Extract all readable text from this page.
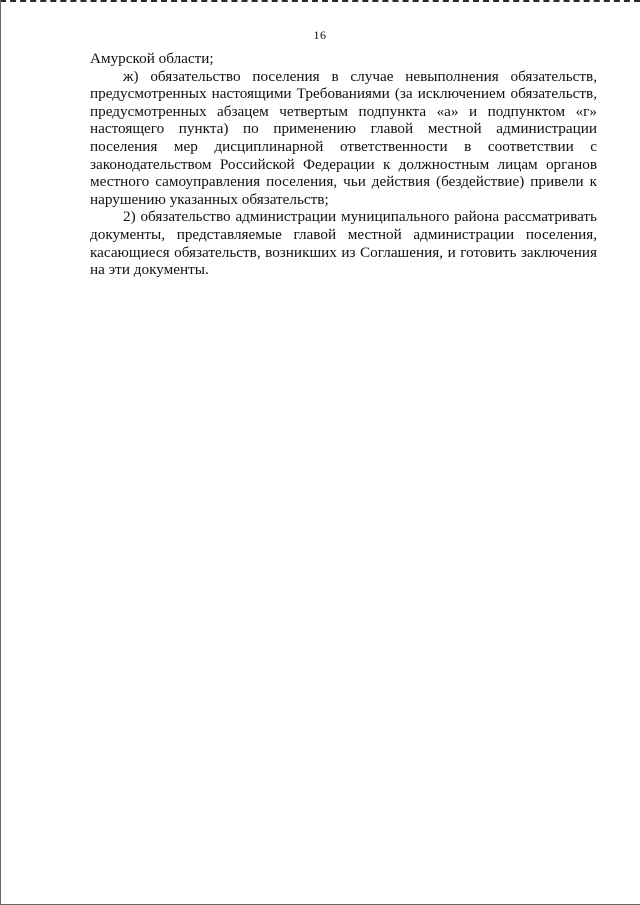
16

Амурской области;

ж) обязательство поселения в случае невыполнения обязательств, предусмотренных настоящими Требованиями (за исключением обязательств, предусмотренных абзацем четвертым подпункта «а» и подпунктом «г» настоящего пункта) по применению главой местной администрации поселения мер дисциплинарной ответственности в соответствии с законодательством Российской Федерации к должностным лицам органов местного самоуправления поселения, чьи действия (бездействие) привели к нарушению указанных обязательств;

2) обязательство администрации муниципального района рассматривать документы, представляемые главой местной администрации поселения, касающиеся обязательств, возникших из Соглашения, и готовить заключения на эти документы.
